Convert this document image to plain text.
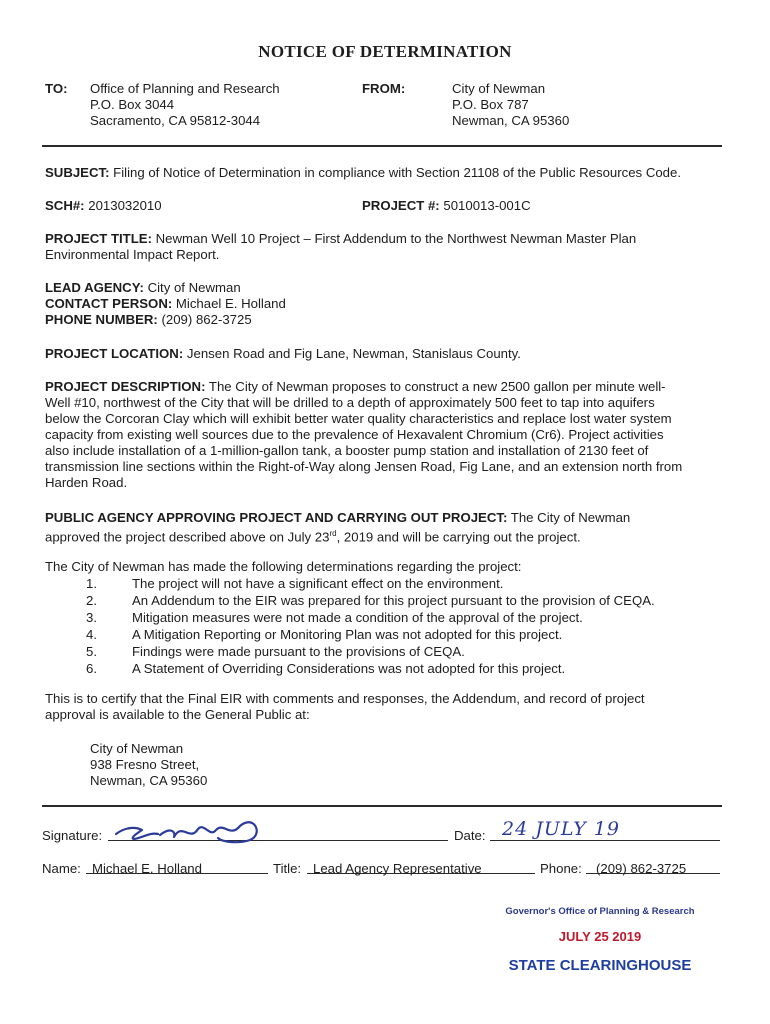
NOTICE OF DETERMINATION
TO: Office of Planning and Research
P.O. Box 3044
Sacramento, CA 95812-3044
FROM:	City of Newman
P.O. Box 787
Newman, CA 95360
SUBJECT: Filing of Notice of Determination in compliance with Section 21108 of the Public Resources Code.
SCH#: 2013032010	PROJECT #: 5010013-001C
PROJECT TITLE: Newman Well 10 Project – First Addendum to the Northwest Newman Master Plan
Environmental Impact Report.
LEAD AGENCY: City of Newman
CONTACT PERSON: Michael E. Holland
PHONE NUMBER: (209) 862-3725
PROJECT LOCATION: Jensen Road and Fig Lane, Newman, Stanislaus County.
PROJECT DESCRIPTION: The City of Newman proposes to construct a new 2500 gallon per minute well-
Well #10, northwest of the City that will be drilled to a depth of approximately 500 feet to tap into aquifers
below the Corcoran Clay which will exhibit better water quality characteristics and replace lost water system
capacity from existing well sources due to the prevalence of Hexavalent Chromium (Cr6). Project activities
also include installation of a 1-million-gallon tank, a booster pump station and installation of 2130 feet of
transmission line sections within the Right-of-Way along Jensen Road, Fig Lane, and an extension north from
Harden Road.
PUBLIC AGENCY APPROVING PROJECT AND CARRYING OUT PROJECT: The City of Newman
approved the project described above on July 23rd, 2019 and will be carrying out the project.
The City of Newman has made the following determinations regarding the project:
1.	The project will not have a significant effect on the environment.
2.	An Addendum to the EIR was prepared for this project pursuant to the provision of CEQA.
3.	Mitigation measures were not made a condition of the approval of the project.
4.	A Mitigation Reporting or Monitoring Plan was not adopted for this project.
5.	Findings were made pursuant to the provisions of CEQA.
6.	A Statement of Overriding Considerations was not adopted for this project.
This is to certify that the Final EIR with comments and responses, the Addendum, and record of project
approval is available to the General Public at:
City of Newman
938 Fresno Street,
Newman, CA 95360
Signature:	Date: 24 JULY 19
Name: Michael E. Holland	Title: Lead Agency Representative	Phone: (209) 862-3725
Governor's Office of Planning & Research
JULY 25 2019
STATE CLEARINGHOUSE
